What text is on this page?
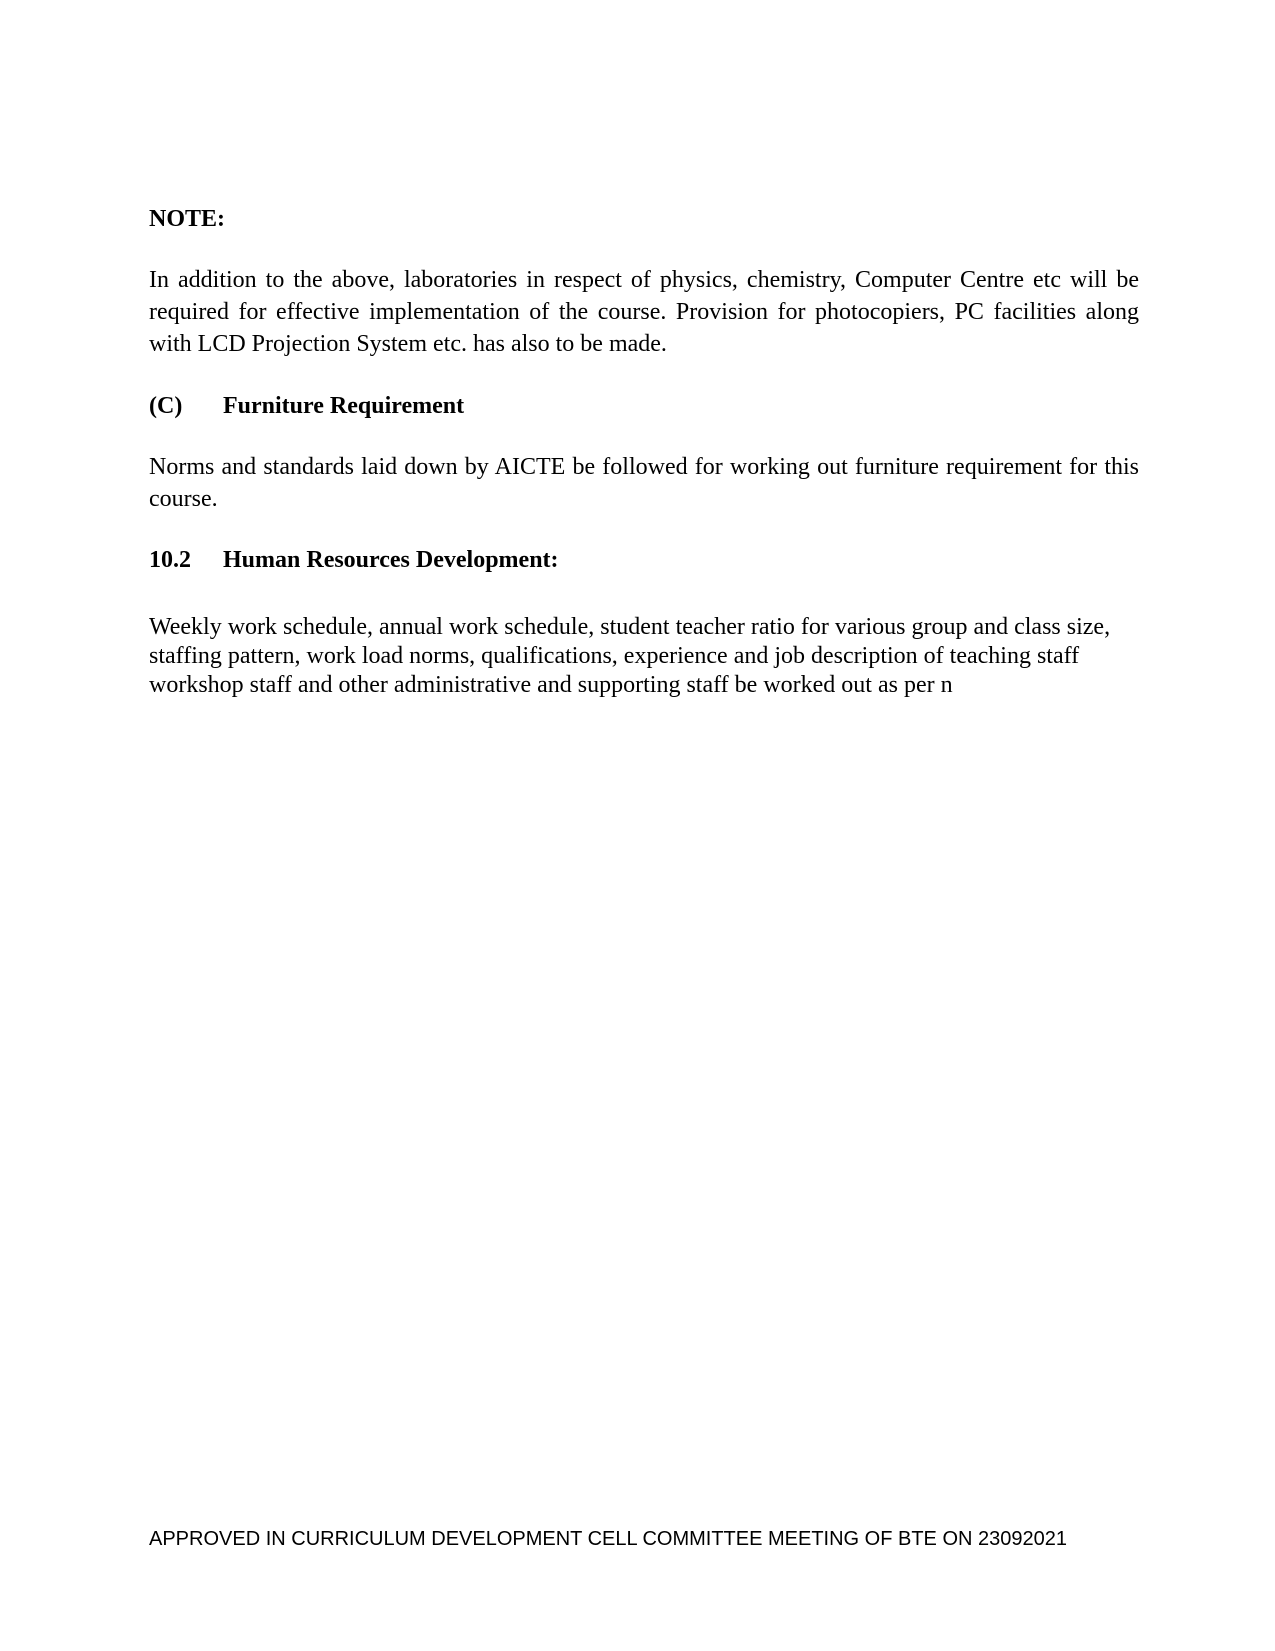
NOTE:

In addition to the above, laboratories in respect of physics, chemistry, Computer Centre etc will be required for effective implementation of the course. Provision for photocopiers, PC facilities along with LCD Projection System etc. has also to be made.

(C) Furniture Requirement

Norms and standards laid down by AICTE be followed for working out furniture requirement for this course.

10.2 Human Resources Development:

Weekly work schedule, annual work schedule, student teacher ratio for various group and class size, staffing pattern, work load norms, qualifications, experience and job description of teaching staff workshop staff and other administrative and supporting staff be worked out as per n

APPROVED IN CURRICULUM DEVELOPMENT CELL COMMITTEE MEETING OF BTE ON 23092021
